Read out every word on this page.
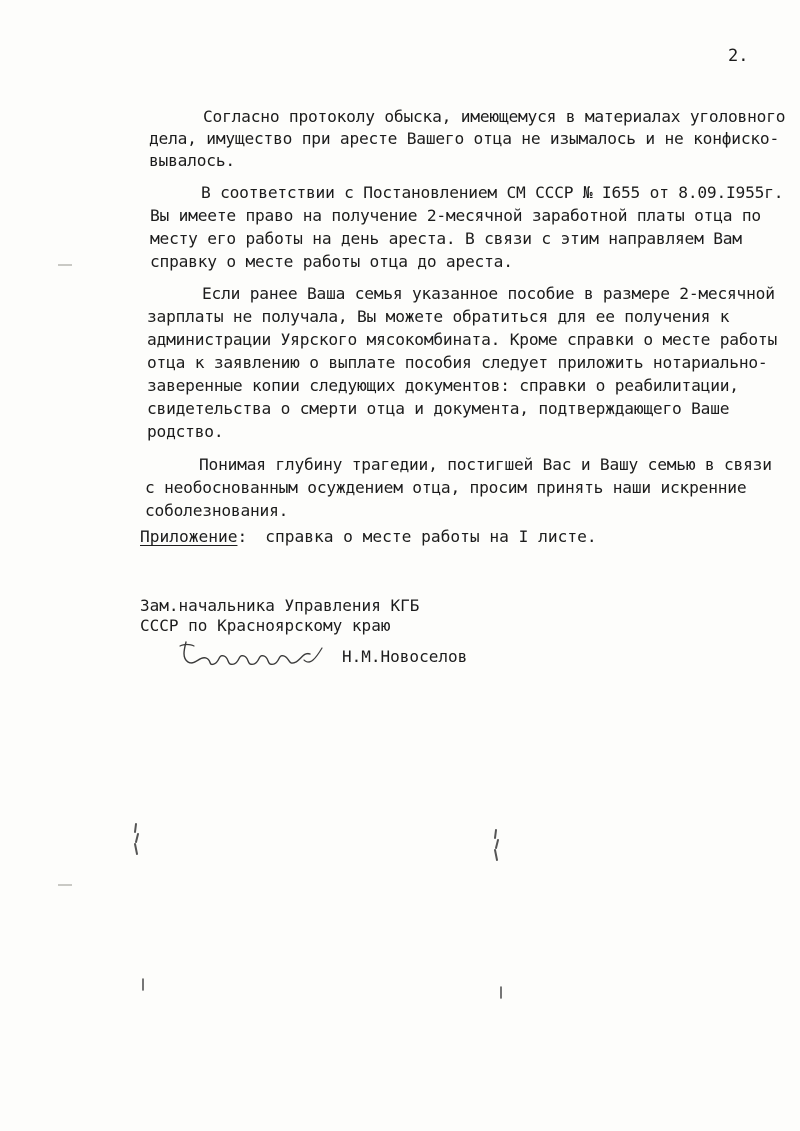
2.
Согласно протоколу обыска, имеющемуся в материалах уголовного
дела, имущество при аресте Вашего отца не изымалось и не конфиско-
вывалось.
В соответствии с Постановлением СМ СССР № I655 от 8.09.I955г.
Вы имеете право на получение 2-месячной заработной платы отца по
месту его работы на день ареста. В связи с этим направляем Вам
справку о месте работы отца до ареста.
Если ранее Ваша семья указанное пособие в размере 2-месячной
зарплаты не получала, Вы можете обратиться для ее получения к
администрации Уярского мясокомбината. Кроме справки о месте работы
отца к заявлению о выплате пособия следует приложить нотариально-
заверенные копии следующих документов: справки о реабилитации,
свидетельства о смерти отца и документа, подтверждающего Ваше
родство.
Понимая глубину трагедии, постигшей Вас и Вашу семью в связи
с необоснованным осуждением отца, просим принять наши искренние
соболезнования.
Приложение: справка о месте работы на I листе.
Зам.начальника Управления КГБ
СССР по Красноярскому краю
Н.М.Новоселов
